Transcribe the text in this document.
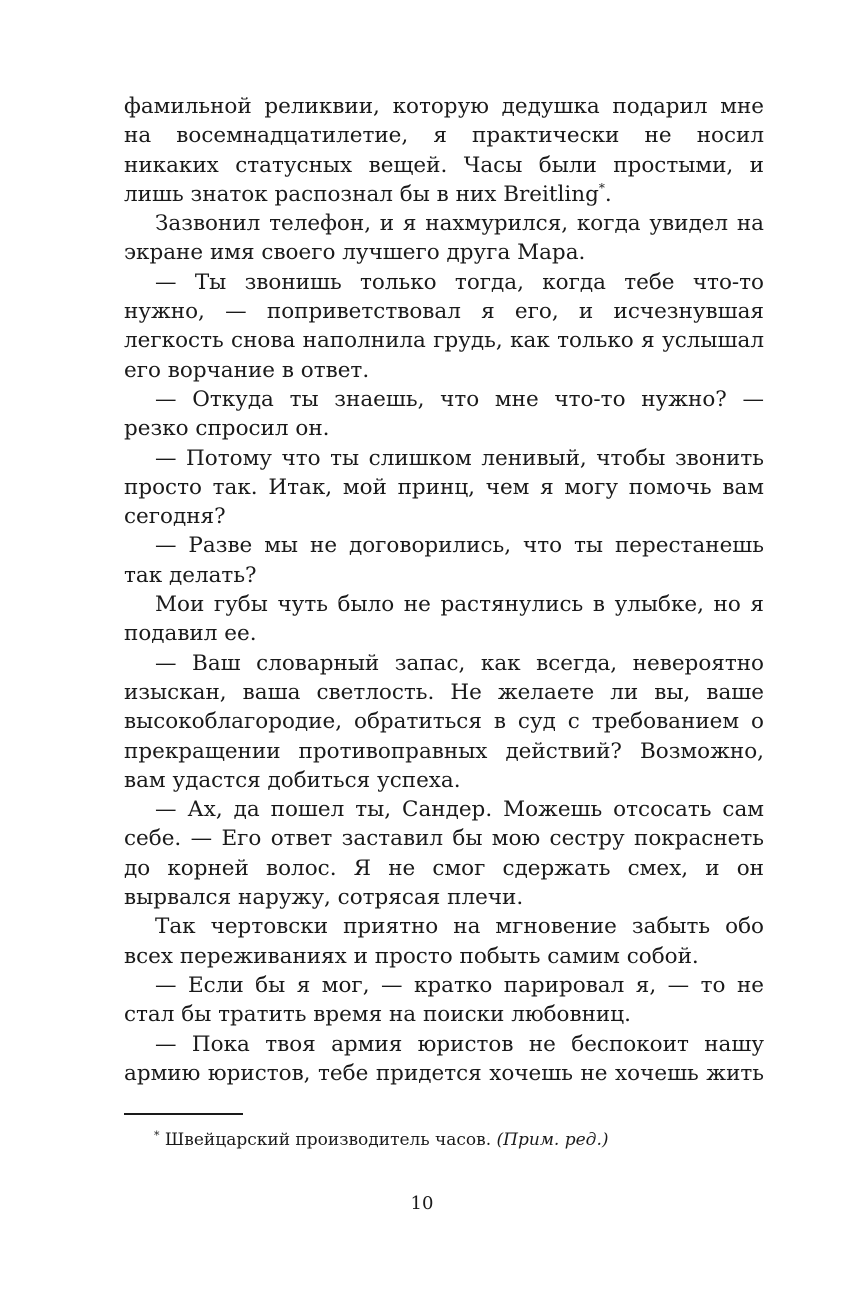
фамильной реликвии, которую дедушка подарил мне на восемнадцатилетие, я практически не носил никаких статусных вещей. Часы были простыми, и лишь знаток распознал бы в них Breitling*.

Зазвонил телефон, и я нахмурился, когда увидел на экране имя своего лучшего друга Мара.

— Ты звонишь только тогда, когда тебе что-то нужно, — поприветствовал я его, и исчезнувшая легкость снова наполнила грудь, как только я услышал его ворчание в ответ.

— Откуда ты знаешь, что мне что-то нужно? — резко спросил он.

— Потому что ты слишком ленивый, чтобы звонить просто так. Итак, мой принц, чем я могу помочь вам сегодня?

— Разве мы не договорились, что ты перестанешь так делать?

Мои губы чуть было не растянулись в улыбке, но я подавил ее.

— Ваш словарный запас, как всегда, невероятно изыскан, ваша светлость. Не желаете ли вы, ваше высокоблагородие, обратиться в суд с требованием о прекращении противоправных действий? Возможно, вам удастся добиться успеха.

— Ах, да пошел ты, Сандер. Можешь отсосать сам себе. — Его ответ заставил бы мою сестру покраснеть до корней волос. Я не смог сдержать смех, и он вырвался наружу, сотрясая плечи.

Так чертовски приятно на мгновение забыть обо всех переживаниях и просто побыть самим собой.

— Если бы я мог, — кратко парировал я, — то не стал бы тратить время на поиски любовниц.

— Пока твоя армия юристов не беспокоит нашу армию юристов, тебе придется хочешь не хочешь жить

* Швейцарский производитель часов. (Прим. ред.)
10
